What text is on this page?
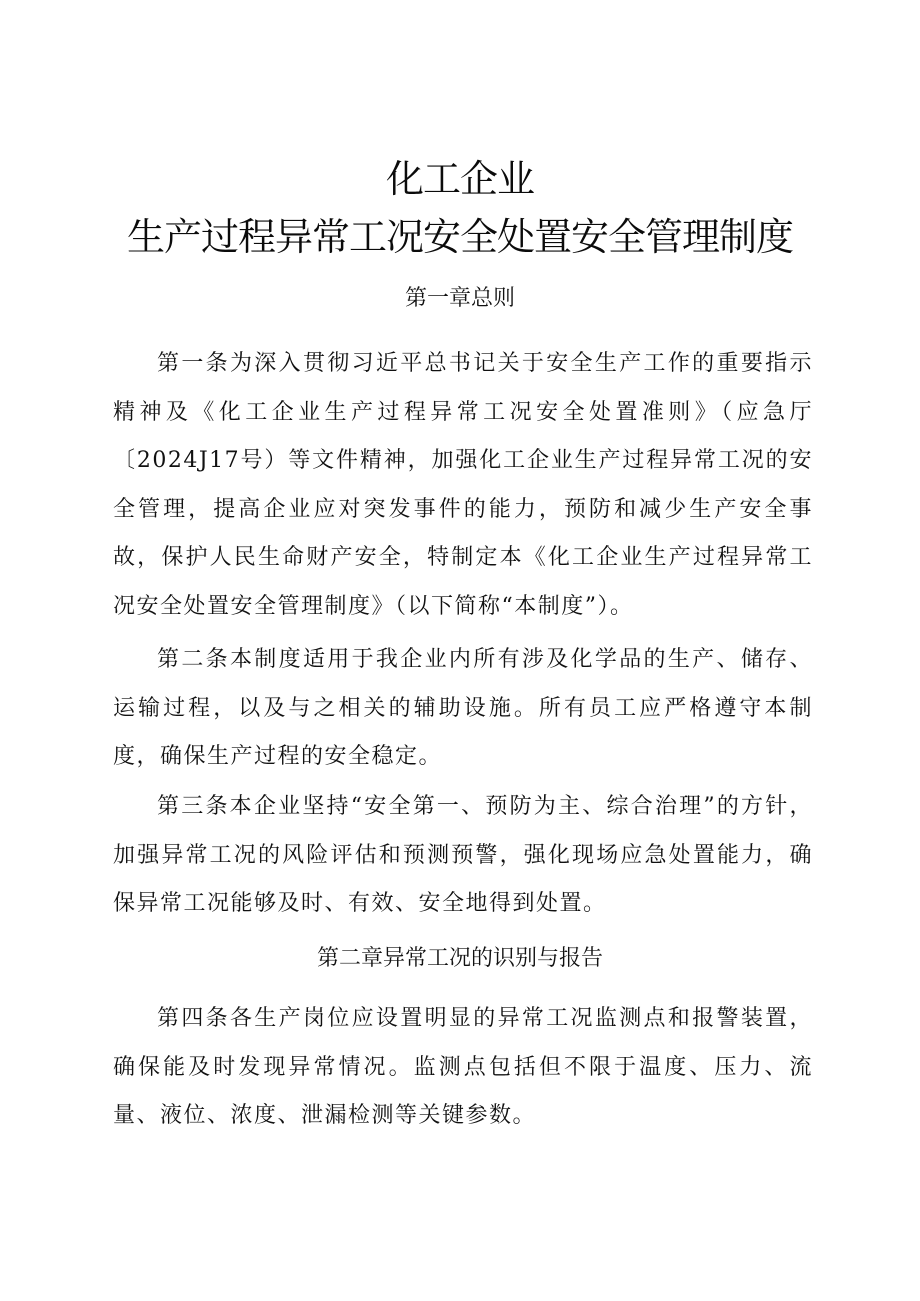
化工企业
生产过程异常工况安全处置安全管理制度
第一章总则

第一条为深入贯彻习近平总书记关于安全生产工作的重要指示精神及《化工企业生产过程异常工况安全处置准则》（应急厅〔2024J17号）等文件精神，加强化工企业生产过程异常工况的安全管理，提高企业应对突发事件的能力，预防和减少生产安全事故，保护人民生命财产安全，特制定本《化工企业生产过程异常工况安全处置安全管理制度》（以下简称“本制度”）。

第二条本制度适用于我企业内所有涉及化学品的生产、储存、运输过程，以及与之相关的辅助设施。所有员工应严格遵守本制度，确保生产过程的安全稳定。

第三条本企业坚持“安全第一、预防为主、综合治理”的方针，加强异常工况的风险评估和预测预警，强化现场应急处置能力，确保异常工况能够及时、有效、安全地得到处置。

第二章异常工况的识别与报告

第四条各生产岗位应设置明显的异常工况监测点和报警装置，确保能及时发现异常情况。监测点包括但不限于温度、压力、流量、液位、浓度、泄漏检测等关键参数。
